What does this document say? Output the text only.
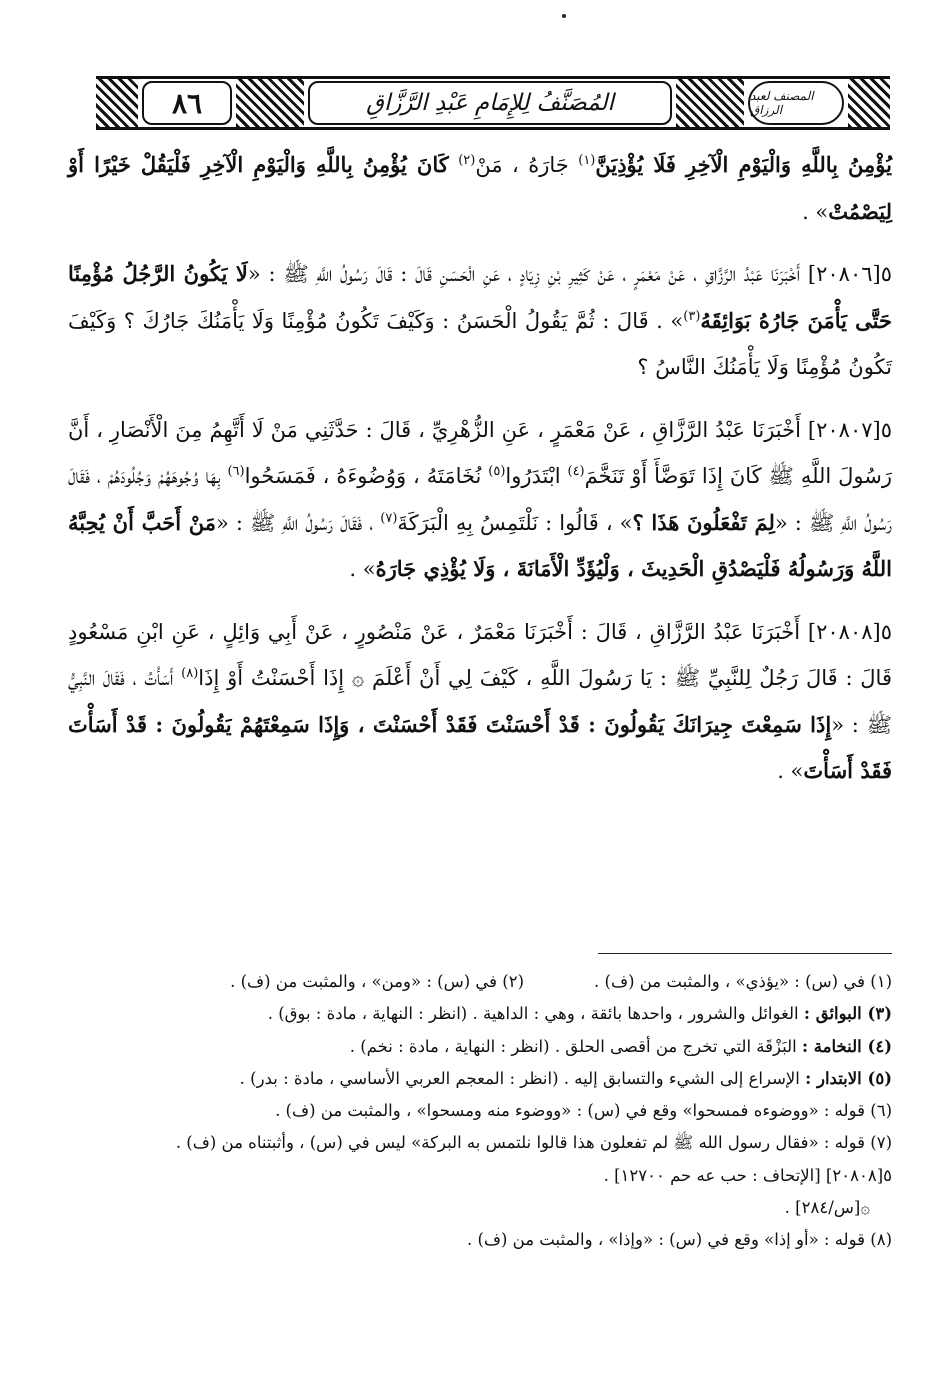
٨٦	المُصَنَّفُ لِلإِمَامِ عَبْدِ الرَّزَّاقِ	المصنف لعبد الرزاق

يُؤْمِنُ بِاللَّهِ وَالْيَوْمِ الْآخِرِ فَلَا يُؤْذِيَنَّ$^{(١)}$ جَارَهُ ، مَنْ$^{(٢)}$ كَانَ يُؤْمِنُ بِاللَّهِ وَالْيَوْمِ الْآخِرِ فَلْيَقُلْ خَيْرًا أَوْ لِيَصْمُتْ» .

٥[٢٠٨٠٦] أَخْبَرَنَا عَبْدُ الرَّزَّاقِ ، عَنْ مَعْمَرٍ ، عَنْ كَثِيرِ بْنِ زِيَادٍ ، عَنِ الْحَسَنِ قَالَ : قَالَ رَسُولُ اللَّهِ ﷺ : «لَا يَكُونُ الرَّجُلُ مُؤْمِنًا حَتَّى يَأْمَنَ جَارُهُ بَوَائِقَهُ$^{(٣)}$» . قَالَ : ثُمَّ يَقُولُ الْحَسَنُ : وَكَيْفَ تَكُونُ مُؤْمِنًا وَلَا يَأْمَنُكَ جَارُكَ ؟ وَكَيْفَ تَكُونُ مُؤْمِنًا وَلَا يَأْمَنُكَ النَّاسُ ؟

٥[٢٠٨٠٧] أَخْبَرَنَا عَبْدُ الرَّزَّاقِ ، عَنْ مَعْمَرٍ ، عَنِ الزُّهْرِيِّ ، قَالَ : حَدَّثَنِي مَنْ لَا أَتَّهِمُ مِنَ الْأَنْصَارِ ، أَنَّ رَسُولَ اللَّهِ ﷺ كَانَ إِذَا تَوَضَّأَ أَوْ تَنَخَّمَ$^{(٤)}$ ابْتَدَرُوا$^{(٥)}$ نُخَامَتَهُ ، وَوُضُوءَهُ ، فَمَسَحُوا$^{(٦)}$ بِهَا وُجُوهَهُمْ وَجُلُودَهُمْ ، فَقَالَ رَسُولُ اللَّهِ ﷺ : «لِمَ تَفْعَلُونَ هَذَا ؟» ، قَالُوا : نَلْتَمِسُ بِهِ الْبَرَكَةَ$^{(٧)}$ ، فَقَالَ رَسُولُ اللَّهِ ﷺ : «مَنْ أَحَبَّ أَنْ يُحِبَّهُ اللَّهُ وَرَسُولُهُ فَلْيَصْدُقِ الْحَدِيثَ ، وَلْيُؤَدِّ الْأَمَانَةَ ، وَلَا يُؤْذِي جَارَهُ» .

٥[٢٠٨٠٨] أَخْبَرَنَا عَبْدُ الرَّزَّاقِ ، قَالَ : أَخْبَرَنَا مَعْمَرٌ ، عَنْ مَنْصُورٍ ، عَنْ أَبِي وَائِلٍ ، عَنِ ابْنِ مَسْعُودٍ قَالَ : قَالَ رَجُلٌ لِلنَّبِيِّ ﷺ : يَا رَسُولَ اللَّهِ ، كَيْفَ لِي أَنْ أَعْلَمَ ۞ إِذَا أَحْسَنْتُ أَوْ إِذَا$^{(٨)}$ أَسَأْتُ ، فَقَالَ النَّبِيُّ ﷺ : «إِذَا سَمِعْتَ جِيرَانَكَ يَقُولُونَ : قَدْ أَحْسَنْتَ فَقَدْ أَحْسَنْتَ ، وَإِذَا سَمِعْتَهُمْ يَقُولُونَ : قَدْ أَسَأْتَ فَقَدْ أَسَأْتَ» .

(١) في (س) : «يؤذي» ، والمثبت من (ف) .(٢) في (س) : «ومن» ، والمثبت من (ف) .
(٣) البوائق : الغوائل والشرور ، واحدها بائقة ، وهي : الداهية . (انظر : النهاية ، مادة : بوق) .
(٤) النخامة : البَزْقَة التي تخرج من أقصى الحلق . (انظر : النهاية ، مادة : نخم) .
(٥) الابتدار : الإسراع إلى الشيء والتسابق إليه . (انظر : المعجم العربي الأساسي ، مادة : بدر) .
(٦) قوله : «ووضوءه فمسحوا» وقع في (س) : «ووضوء منه ومسحوا» ، والمثبت من (ف) .
(٧) قوله : «فقال رسول الله ﷺ لم تفعلون هذا قالوا نلتمس به البركة» ليس في (س) ، وأثبتناه من (ف) .
٥[٢٠٨٠٨] [الإتحاف : حب عه حم ١٢٧٠٠] .
۞[س/٢٨٤] .
(٨) قوله : «أو إذا» وقع في (س) : «وإذا» ، والمثبت من (ف) .
